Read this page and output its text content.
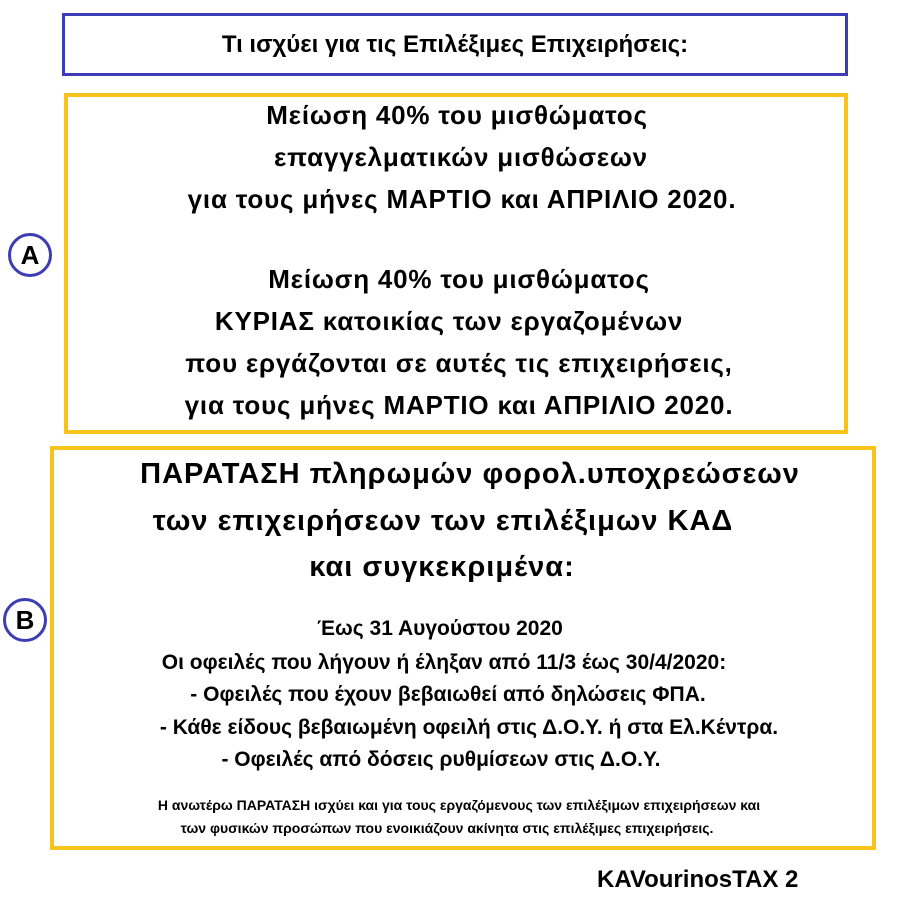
Τι ισχύει για τις Επιλέξιμες Επιχειρήσεις:
A
Μείωση 40% του μισθώματος
επαγγελματικών μισθώσεων
για τους μήνες ΜΑΡΤΙΟ και ΑΠΡΙΛΙΟ 2020.
Μείωση 40% του μισθώματος
ΚΥΡΙΑΣ κατοικίας των εργαζομένων
που εργάζονται σε αυτές τις επιχειρήσεις,
για τους μήνες ΜΑΡΤΙΟ και ΑΠΡΙΛΙΟ 2020.
B
ΠΑΡΑΤΑΣΗ πληρωμών φορολ.υποχρεώσεων
των επιχειρήσεων των επιλέξιμων ΚΑΔ
και συγκεκριμένα:
Έως 31 Αυγούστου 2020
Οι οφειλές που λήγουν ή έληξαν από 11/3 έως 30/4/2020:
- Οφειλές που έχουν βεβαιωθεί από δηλώσεις ΦΠΑ.
- Κάθε είδους βεβαιωμένη οφειλή στις Δ.Ο.Υ. ή στα Ελ.Κέντρα.
- Οφειλές από δόσεις ρυθμίσεων στις Δ.Ο.Υ.
Η ανωτέρω ΠΑΡΑΤΑΣΗ ισχύει και για τους εργαζόμενους των επιλέξιμων επιχειρήσεων και
των φυσικών προσώπων που ενοικιάζουν ακίνητα στις επιλέξιμες επιχειρήσεις.
KAVourinosTAX 2
